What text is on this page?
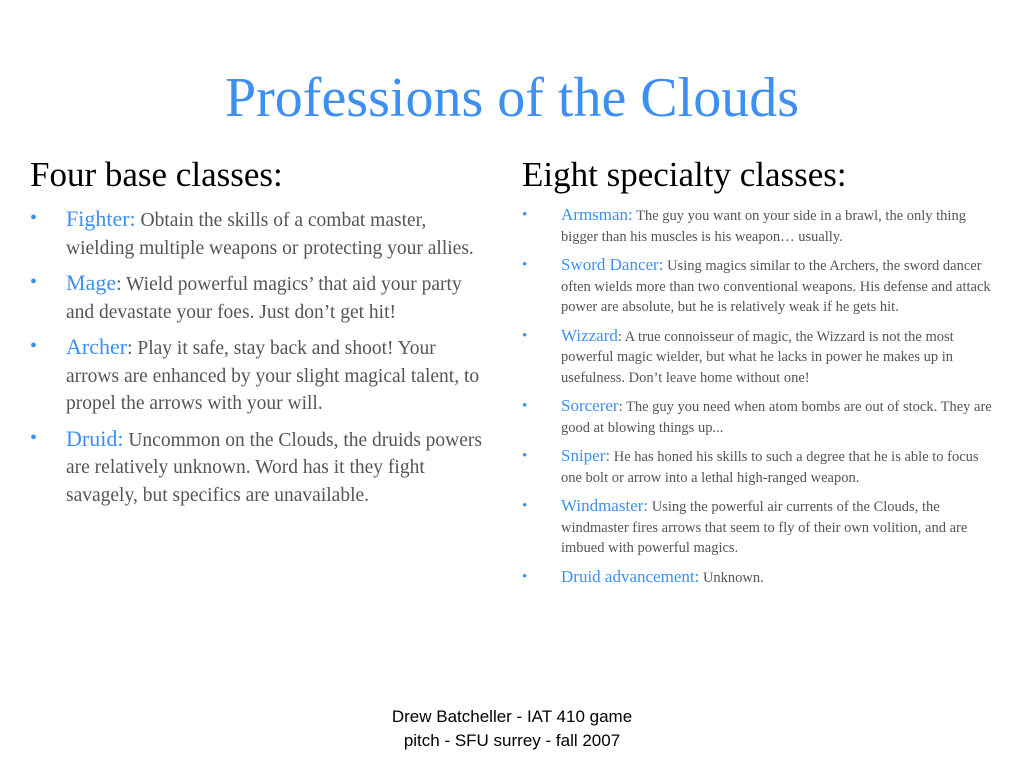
Professions of the Clouds
Four base classes:
• Fighter: Obtain the skills of a combat master, wielding multiple weapons or protecting your allies.
• Mage: Wield powerful magics’ that aid your party and devastate your foes. Just don’t get hit!
• Archer: Play it safe, stay back and shoot! Your arrows are enhanced by your slight magical talent, to propel the arrows with your will.
• Druid: Uncommon on the Clouds, the druids powers are relatively unknown. Word has it they fight savagely, but specifics are unavailable.
Eight specialty classes:
• Armsman: The guy you want on your side in a brawl, the only thing bigger than his muscles is his weapon… usually.
• Sword Dancer: Using magics similar to the Archers, the sword dancer often wields more than two conventional weapons. His defense and attack power are absolute, but he is relatively weak if he gets hit.
• Wizzard: A true connoisseur of magic, the Wizzard is not the most powerful magic wielder, but what he lacks in power he makes up in usefulness. Don’t leave home without one!
• Sorcerer: The guy you need when atom bombs are out of stock. They are good at blowing things up...
• Sniper: He has honed his skills to such a degree that he is able to focus one bolt or arrow into a lethal high-ranged weapon.
• Windmaster: Using the powerful air currents of the Clouds, the windmaster fires arrows that seem to fly of their own volition, and are imbued with powerful magics.
• Druid advancement: Unknown.
Drew Batcheller - IAT 410 game
pitch - SFU surrey - fall 2007
